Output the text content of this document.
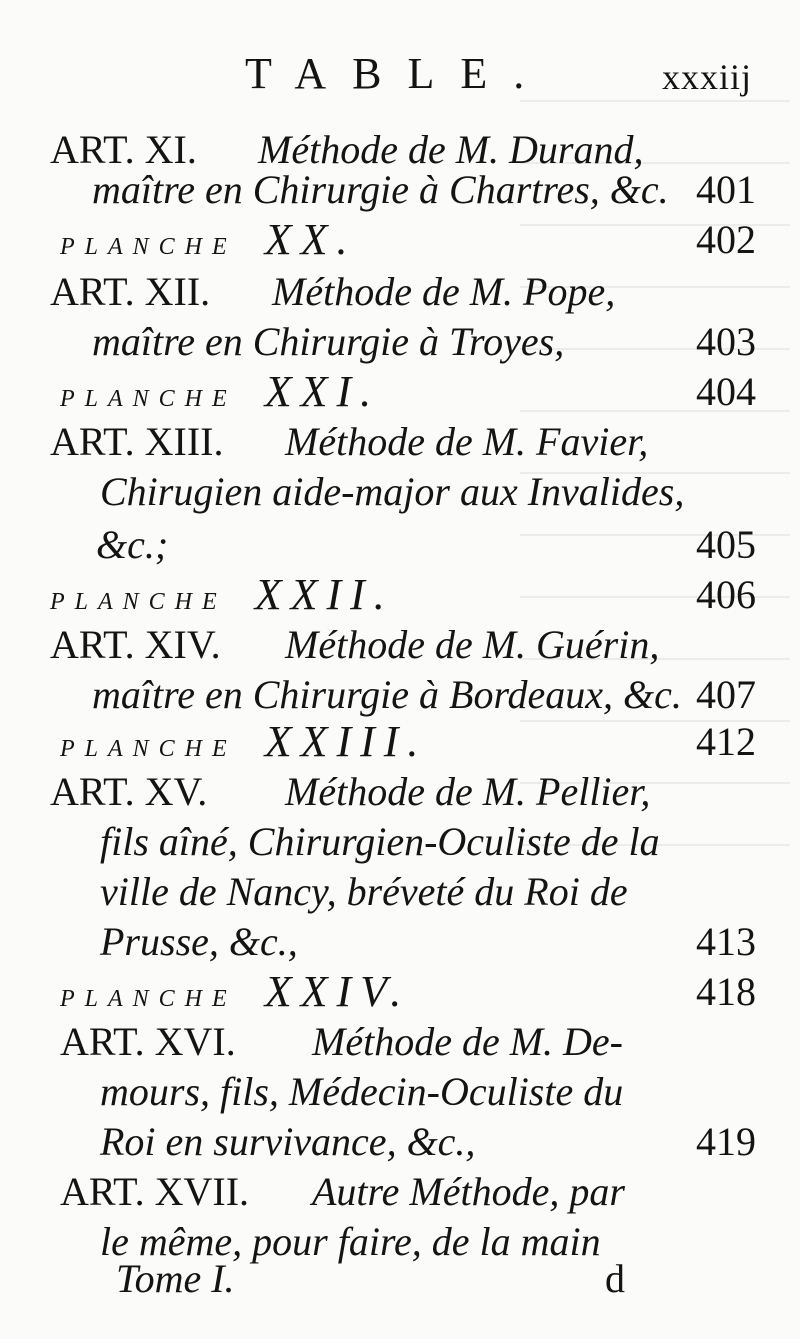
TABLE.	xxxiij
ART. XI. Méthode de M. Durand,
maître en Chirurgie à Chartres, &c. 401
PLANCHE XX.	402
ART. XII. Méthode de M. Pope,
maître en Chirurgie à Troyes,	403
PLANCHE XXI.	404
ART. XIII. Méthode de M. Favier,
Chirugien aide-major aux Invalides,
&c.;	405
PLANCHE XXII.	406
ART. XIV. Méthode de M. Guérin,
maître en Chirurgie à Bordeaux, &c. 407
PLANCHE XXIII.	412
ART. XV. Méthode de M. Pellier,
fils aîné, Chirurgien-Oculiste de la
ville de Nancy, bréveté du Roi de
Prusse, &c.,	413
PLANCHE XXIV.	418
ART. XVI. Méthode de M. De-
mours, fils, Médecin-Oculiste du
Roi en survivance, &c.,	419
ART. XVII. Autre Méthode, par
le même, pour faire, de la main
Tome I.	d
